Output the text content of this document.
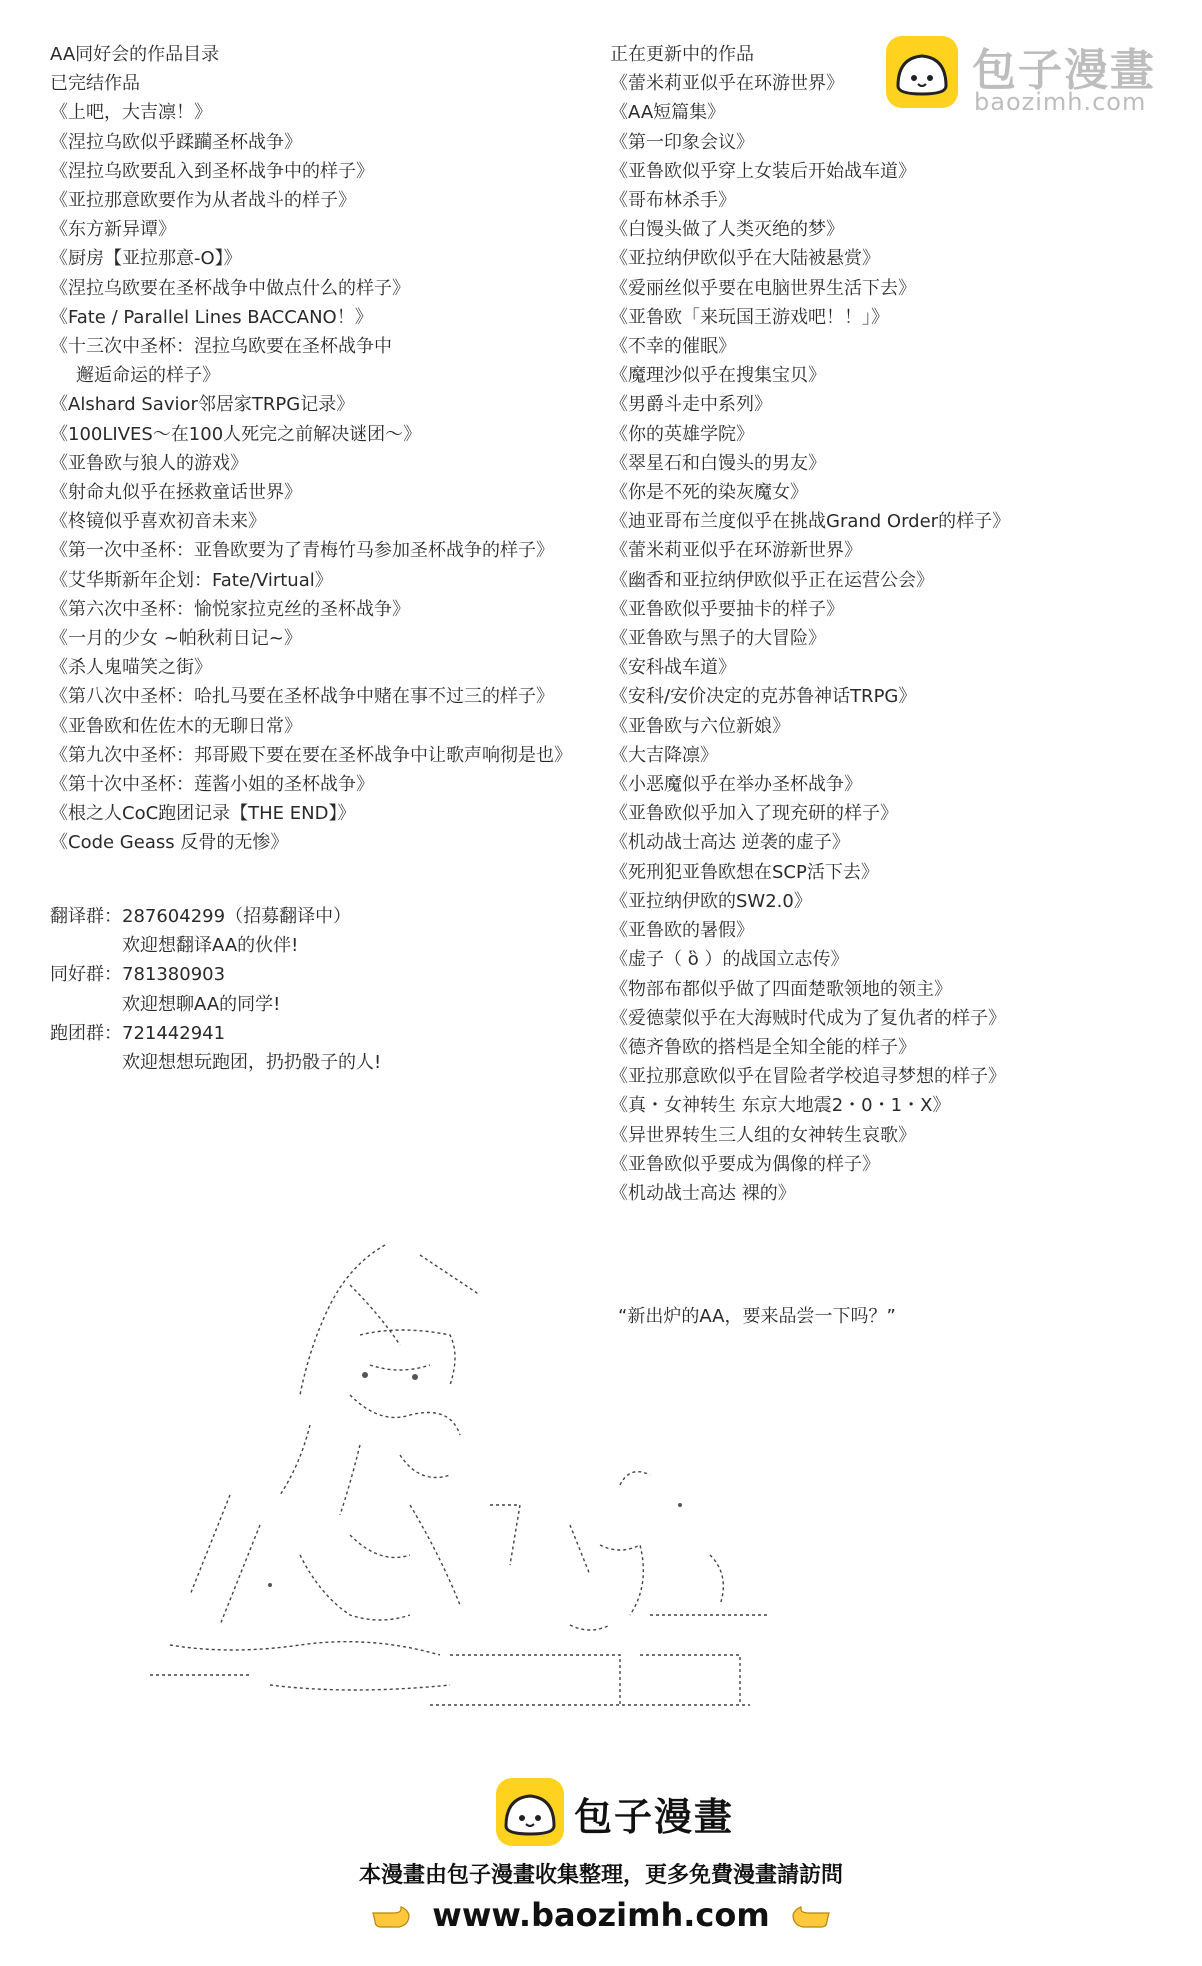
包子漫畫
baozimh.com
AA同好会的作品目录
已完结作品
《上吧，大吉凛！》
《涅拉乌欧似乎蹂躏圣杯战争》
《涅拉乌欧要乱入到圣杯战争中的样子》
《亚拉那意欧要作为从者战斗的样子》
《东方新异谭》
《厨房【亚拉那意-O】》
《涅拉乌欧要在圣杯战争中做点什么的样子》
《Fate / Parallel Lines BACCANO！》
《十三次中圣杯：涅拉乌欧要在圣杯战争中
邂逅命运的样子》
《Alshard Savior邻居家TRPG记录》
《100LIVES～在100人死完之前解决谜团～》
《亚鲁欧与狼人的游戏》
《射命丸似乎在拯救童话世界》
《柊镜似乎喜欢初音未来》
《第一次中圣杯：亚鲁欧要为了青梅竹马参加圣杯战争的样子》
《艾华斯新年企划：Fate/Virtual》
《第六次中圣杯：愉悦家拉克丝的圣杯战争》
《一月的少女 ~帕秋莉日记~》
《杀人鬼喵笑之街》
《第八次中圣杯：哈扎马要在圣杯战争中赌在事不过三的样子》
《亚鲁欧和佐佐木的无聊日常》
《第九次中圣杯：邦哥殿下要在要在圣杯战争中让歌声响彻是也》
《第十次中圣杯：莲酱小姐的圣杯战争》
《根之人CoC跑团记录【THE END】》
《Code Geass 反骨的无惨》
翻译群：287604299（招募翻译中）
欢迎想翻译AA的伙伴!
同好群：781380903
欢迎想聊AA的同学!
跑团群：721442941
欢迎想想玩跑团，扔扔骰子的人!
正在更新中的作品
《蕾米莉亚似乎在环游世界》
《AA短篇集》
《第一印象会议》
《亚鲁欧似乎穿上女装后开始战车道》
《哥布林杀手》
《白馒头做了人类灭绝的梦》
《亚拉纳伊欧似乎在大陆被悬赏》
《爱丽丝似乎要在电脑世界生活下去》
《亚鲁欧「来玩国王游戏吧！！」》
《不幸的催眠》
《魔理沙似乎在搜集宝贝》
《男爵斗走中系列》
《你的英雄学院》
《翠星石和白馒头的男友》
《你是不死的染灰魔女》
《迪亚哥布兰度似乎在挑战Grand Order的样子》
《蕾米莉亚似乎在环游新世界》
《幽香和亚拉纳伊欧似乎正在运营公会》
《亚鲁欧似乎要抽卡的样子》
《亚鲁欧与黑子的大冒险》
《安科战车道》
《安科/安价决定的克苏鲁神话TRPG》
《亚鲁欧与六位新娘》
《大吉降凛》
《小恶魔似乎在举办圣杯战争》
《亚鲁欧似乎加入了现充研的样子》
《机动战士高达 逆袭的虚子》
《死刑犯亚鲁欧想在SCP活下去》
《亚拉纳伊欧的SW2.0》
《亚鲁欧的暑假》
《虚子（ ὃ ）的战国立志传》
《物部布都似乎做了四面楚歌领地的领主》
《爱德蒙似乎在大海贼时代成为了复仇者的样子》
《德齐鲁欧的搭档是全知全能的样子》
《亚拉那意欧似乎在冒险者学校追寻梦想的样子》
《真・女神转生 东京大地震2・0・1・X》
《异世界转生三人组的女神转生哀歌》
《亚鲁欧似乎要成为偶像的样子》
《机动战士高达 裸的》
“新出炉的AA，要来品尝一下吗？”
包子漫畫
本漫畫由包子漫畫收集整理，更多免費漫畫請訪問
www.baozimh.com
